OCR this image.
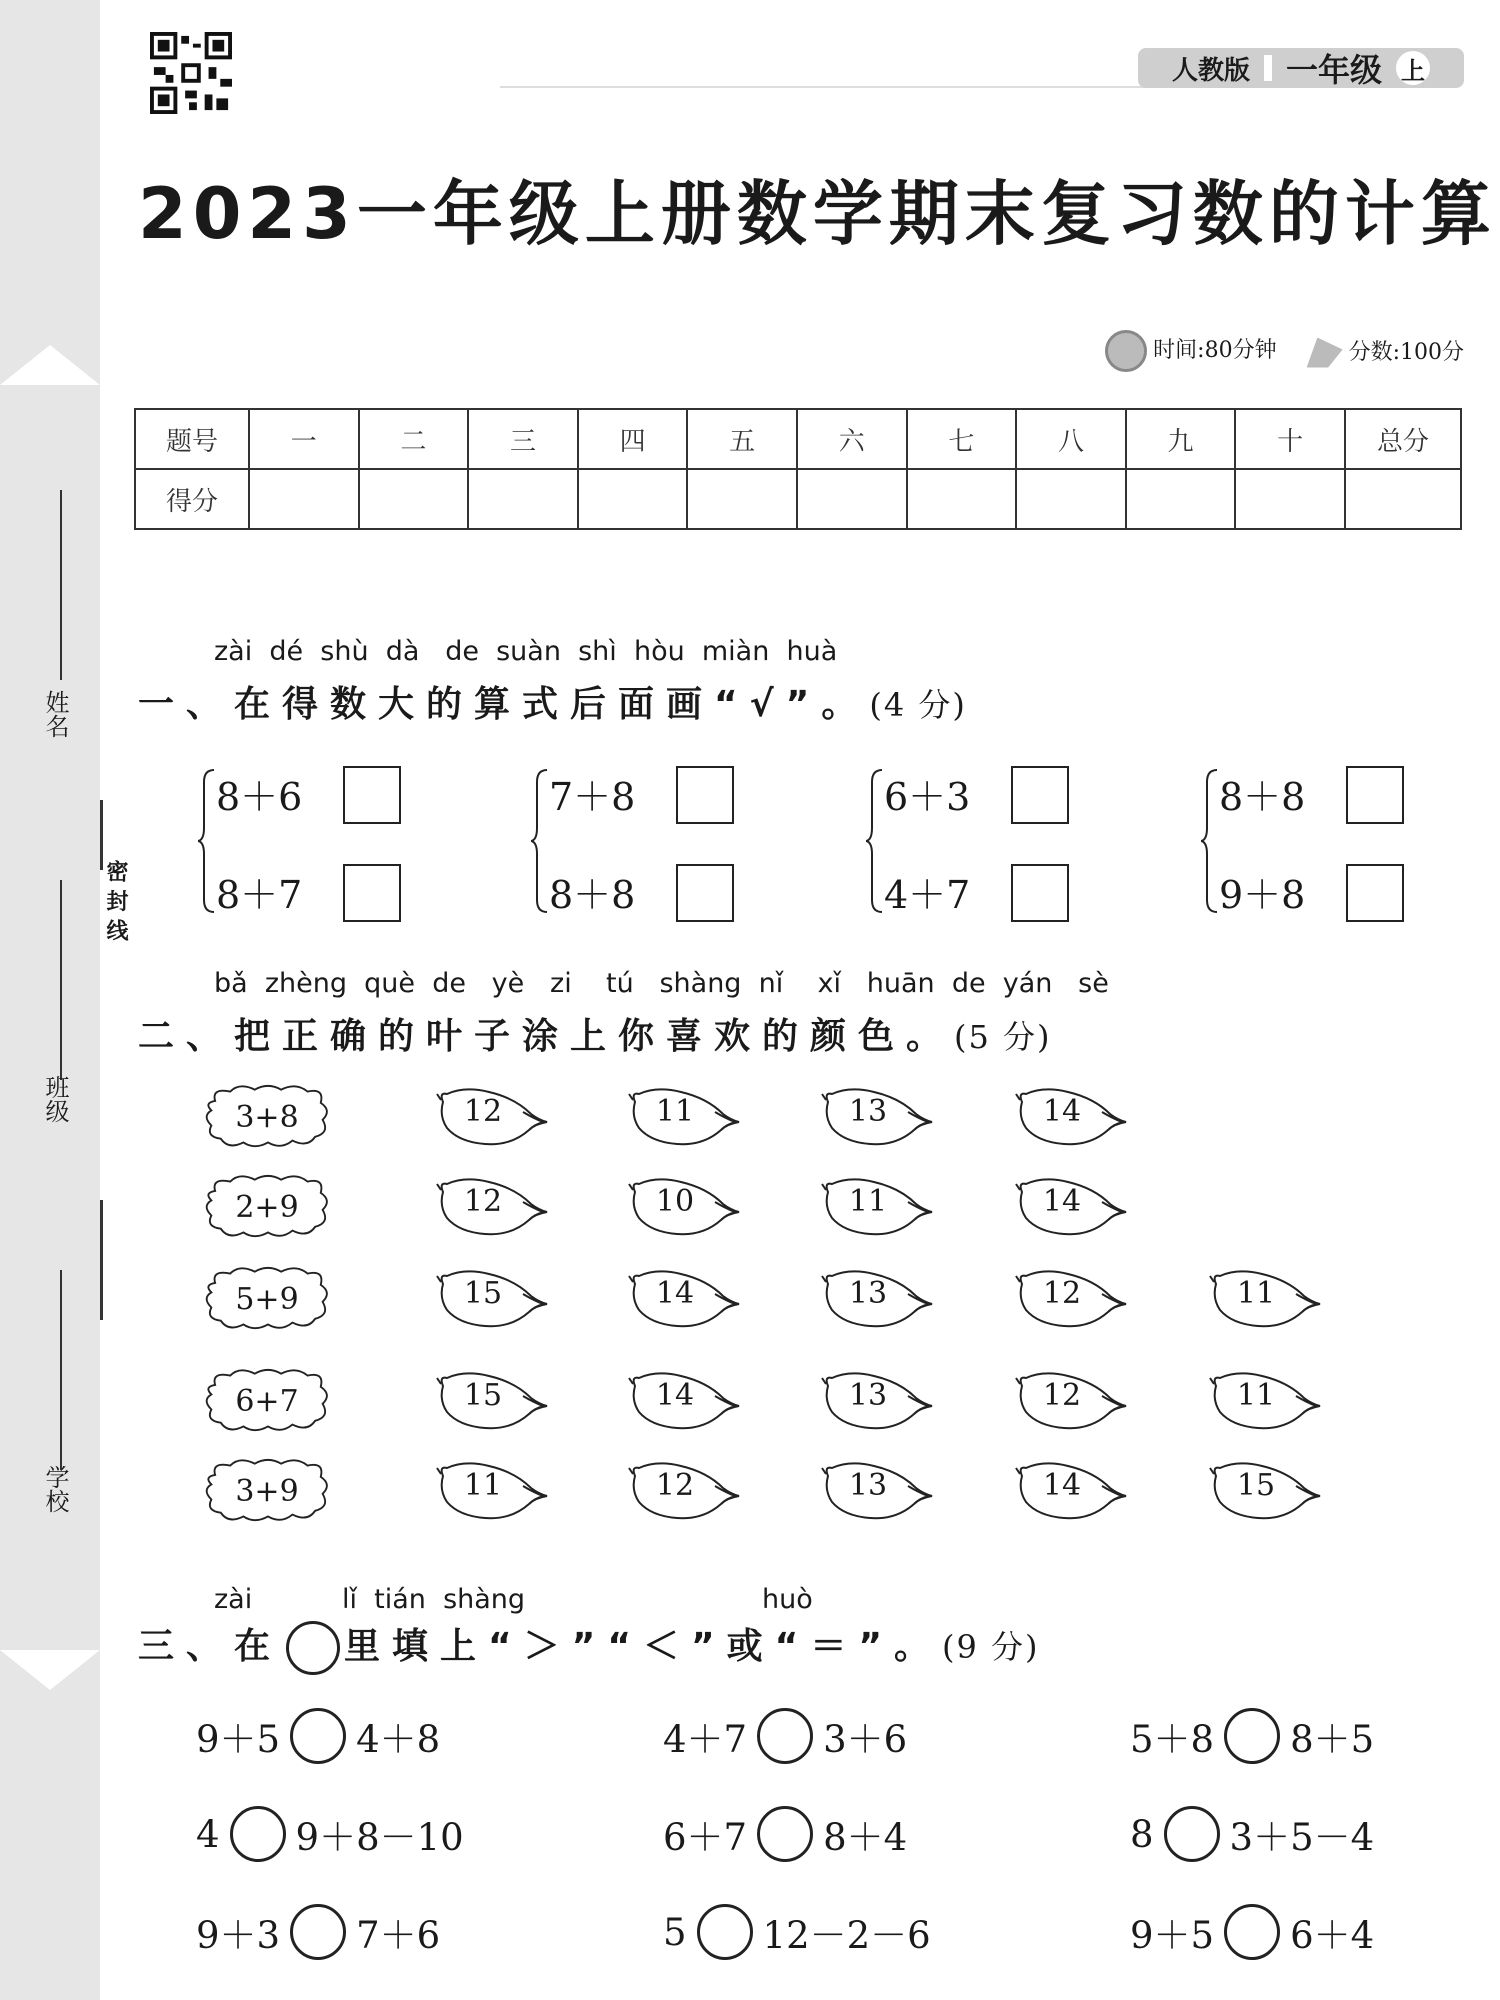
姓名
班级
学校
密 封 线
人教版 一年级 上
2023一年级上册数学期末复习数的计算
时间:80分钟	分数:100分
题号	一	二	三	四	五	六	七	八	九	十	总分
得分											
zài  dé  shù  dà   de  suàn  shì  hòu  miàn  huà
一、在得数大的算式后面画“√”。(4 分)
8＋6
8＋7
7＋8
8＋8
6＋3
4＋7
8＋8
9＋8
bǎ  zhèng  què  de   yè   zi    tú   shàng  nǐ    xǐ   huān  de  yán   sè
二、把正确的叶子涂上你喜欢的颜色。(5 分)
3+8	12	11	13	14
2+9	12	10	11	14
5+9	15	14	13	12	11
6+7	15	14	13	12	11
3+9	11	12	13	14	15
zài	lǐ  tián  shàng	huò
三、在 里填上“＞”“＜”或“＝”。(9 分)
9＋5 4＋8	4＋7 3＋6	5＋8 8＋5
4 9＋8－10	6＋7 8＋4	8 3＋5－4
9＋3 7＋6	5 12－2－6	9＋5 6＋4
